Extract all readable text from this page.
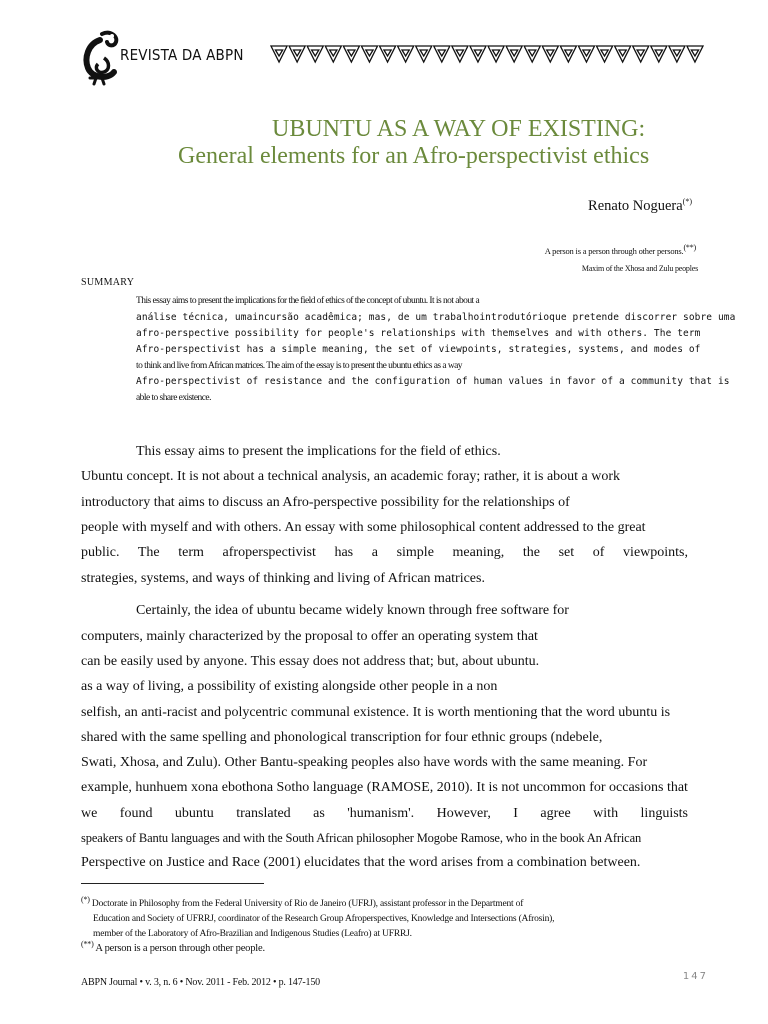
REVISTA DA ABPN
UBUNTU AS A WAY OF EXISTING:
General elements for an Afro-perspectivist ethics
Renato Noguera(*)
A person is a person through other persons.(**)
Maxim of the Xhosa and Zulu peoples
SUMMARY
This essay aims to present the implications for the field of ethics of the concept of ubuntu. It is not about a
análise técnica, umaincursão acadêmica; mas, de um trabalhointrodutórioque pretende discorrer sobre uma
afro-perspective possibility for people's relationships with themselves and with others. The term
Afro-perspectivist has a simple meaning, the set of viewpoints, strategies, systems, and modes of
to think and live from African matrices. The aim of the essay is to present the ubuntu ethics as a way
Afro-perspectivist of resistance and the configuration of human values in favor of a community that is
able to share existence.
This essay aims to present the implications for the field of ethics.
Ubuntu concept. It is not about a technical analysis, an academic foray; rather, it is about a work
introductory that aims to discuss an Afro-perspective possibility for the relationships of
people with myself and with others. An essay with some philosophical content addressed to the great
public. The term afroperspectivist has a simple meaning, the set of viewpoints,
strategies, systems, and ways of thinking and living of African matrices.
Certainly, the idea of ubuntu became widely known through free software for
computers, mainly characterized by the proposal to offer an operating system that
can be easily used by anyone. This essay does not address that; but, about ubuntu.
as a way of living, a possibility of existing alongside other people in a non
selfish, an anti-racist and polycentric communal existence. It is worth mentioning that the word ubuntu is
shared with the same spelling and phonological transcription for four ethnic groups (ndebele,
Swati, Xhosa, and Zulu). Other Bantu-speaking peoples also have words with the same meaning. For
example, hunhuem xona ebothona Sotho language (RAMOSE, 2010). It is not uncommon for occasions that
we found ubuntu translated as 'humanism'. However, I agree with linguists
speakers of Bantu languages and with the South African philosopher Mogobe Ramose, who in the book An African
Perspective on Justice and Race (2001) elucidates that the word arises from a combination between.
(*) Doctorate in Philosophy from the Federal University of Rio de Janeiro (UFRJ), assistant professor in the Department of
Education and Society of UFRRJ, coordinator of the Research Group Afroperspectives, Knowledge and Intersections (Afrosin),
member of the Laboratory of Afro-Brazilian and Indigenous Studies (Leafro) at UFRRJ.
(**) A person is a person through other people.
ABPN Journal • v. 3, n. 6 • Nov. 2011 - Feb. 2012 • p. 147-150
147
